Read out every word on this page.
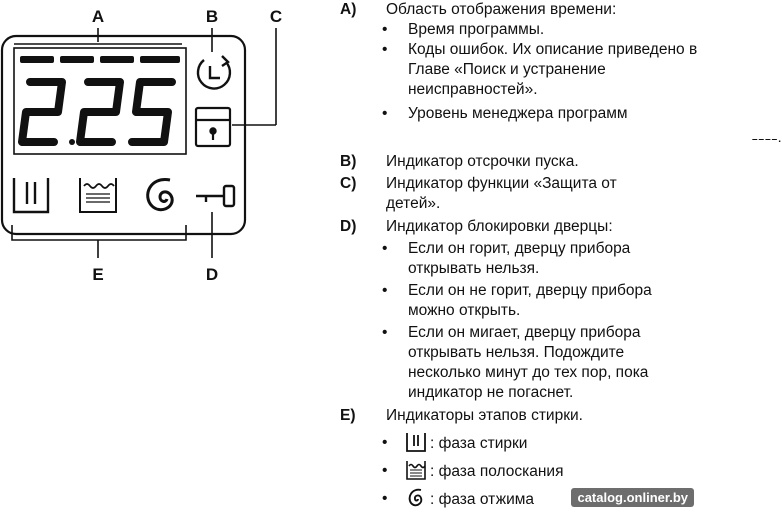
A	B	C
D
E
A) Область отображения времени:
• Время программы.
• Коды ошибок. Их описание приведено в Главе «Поиск и устранение неисправностей».
• Уровень менеджера программ
––––.
B) Индикатор отсрочки пуска.
C) Индикатор функции «Защита от детей».
D) Индикатор блокировки дверцы:
• Если он горит, дверцу прибора открывать нельзя.
• Если он не горит, дверцу прибора можно открыть.
• Если он мигает, дверцу прибора открывать нельзя. Подождите несколько минут до тех пор, пока индикатор не погаснет.
E) Индикаторы этапов стирки.
•	: фаза стирки
•	: фаза полоскания
•	: фаза отжима	catalog.onliner.by
